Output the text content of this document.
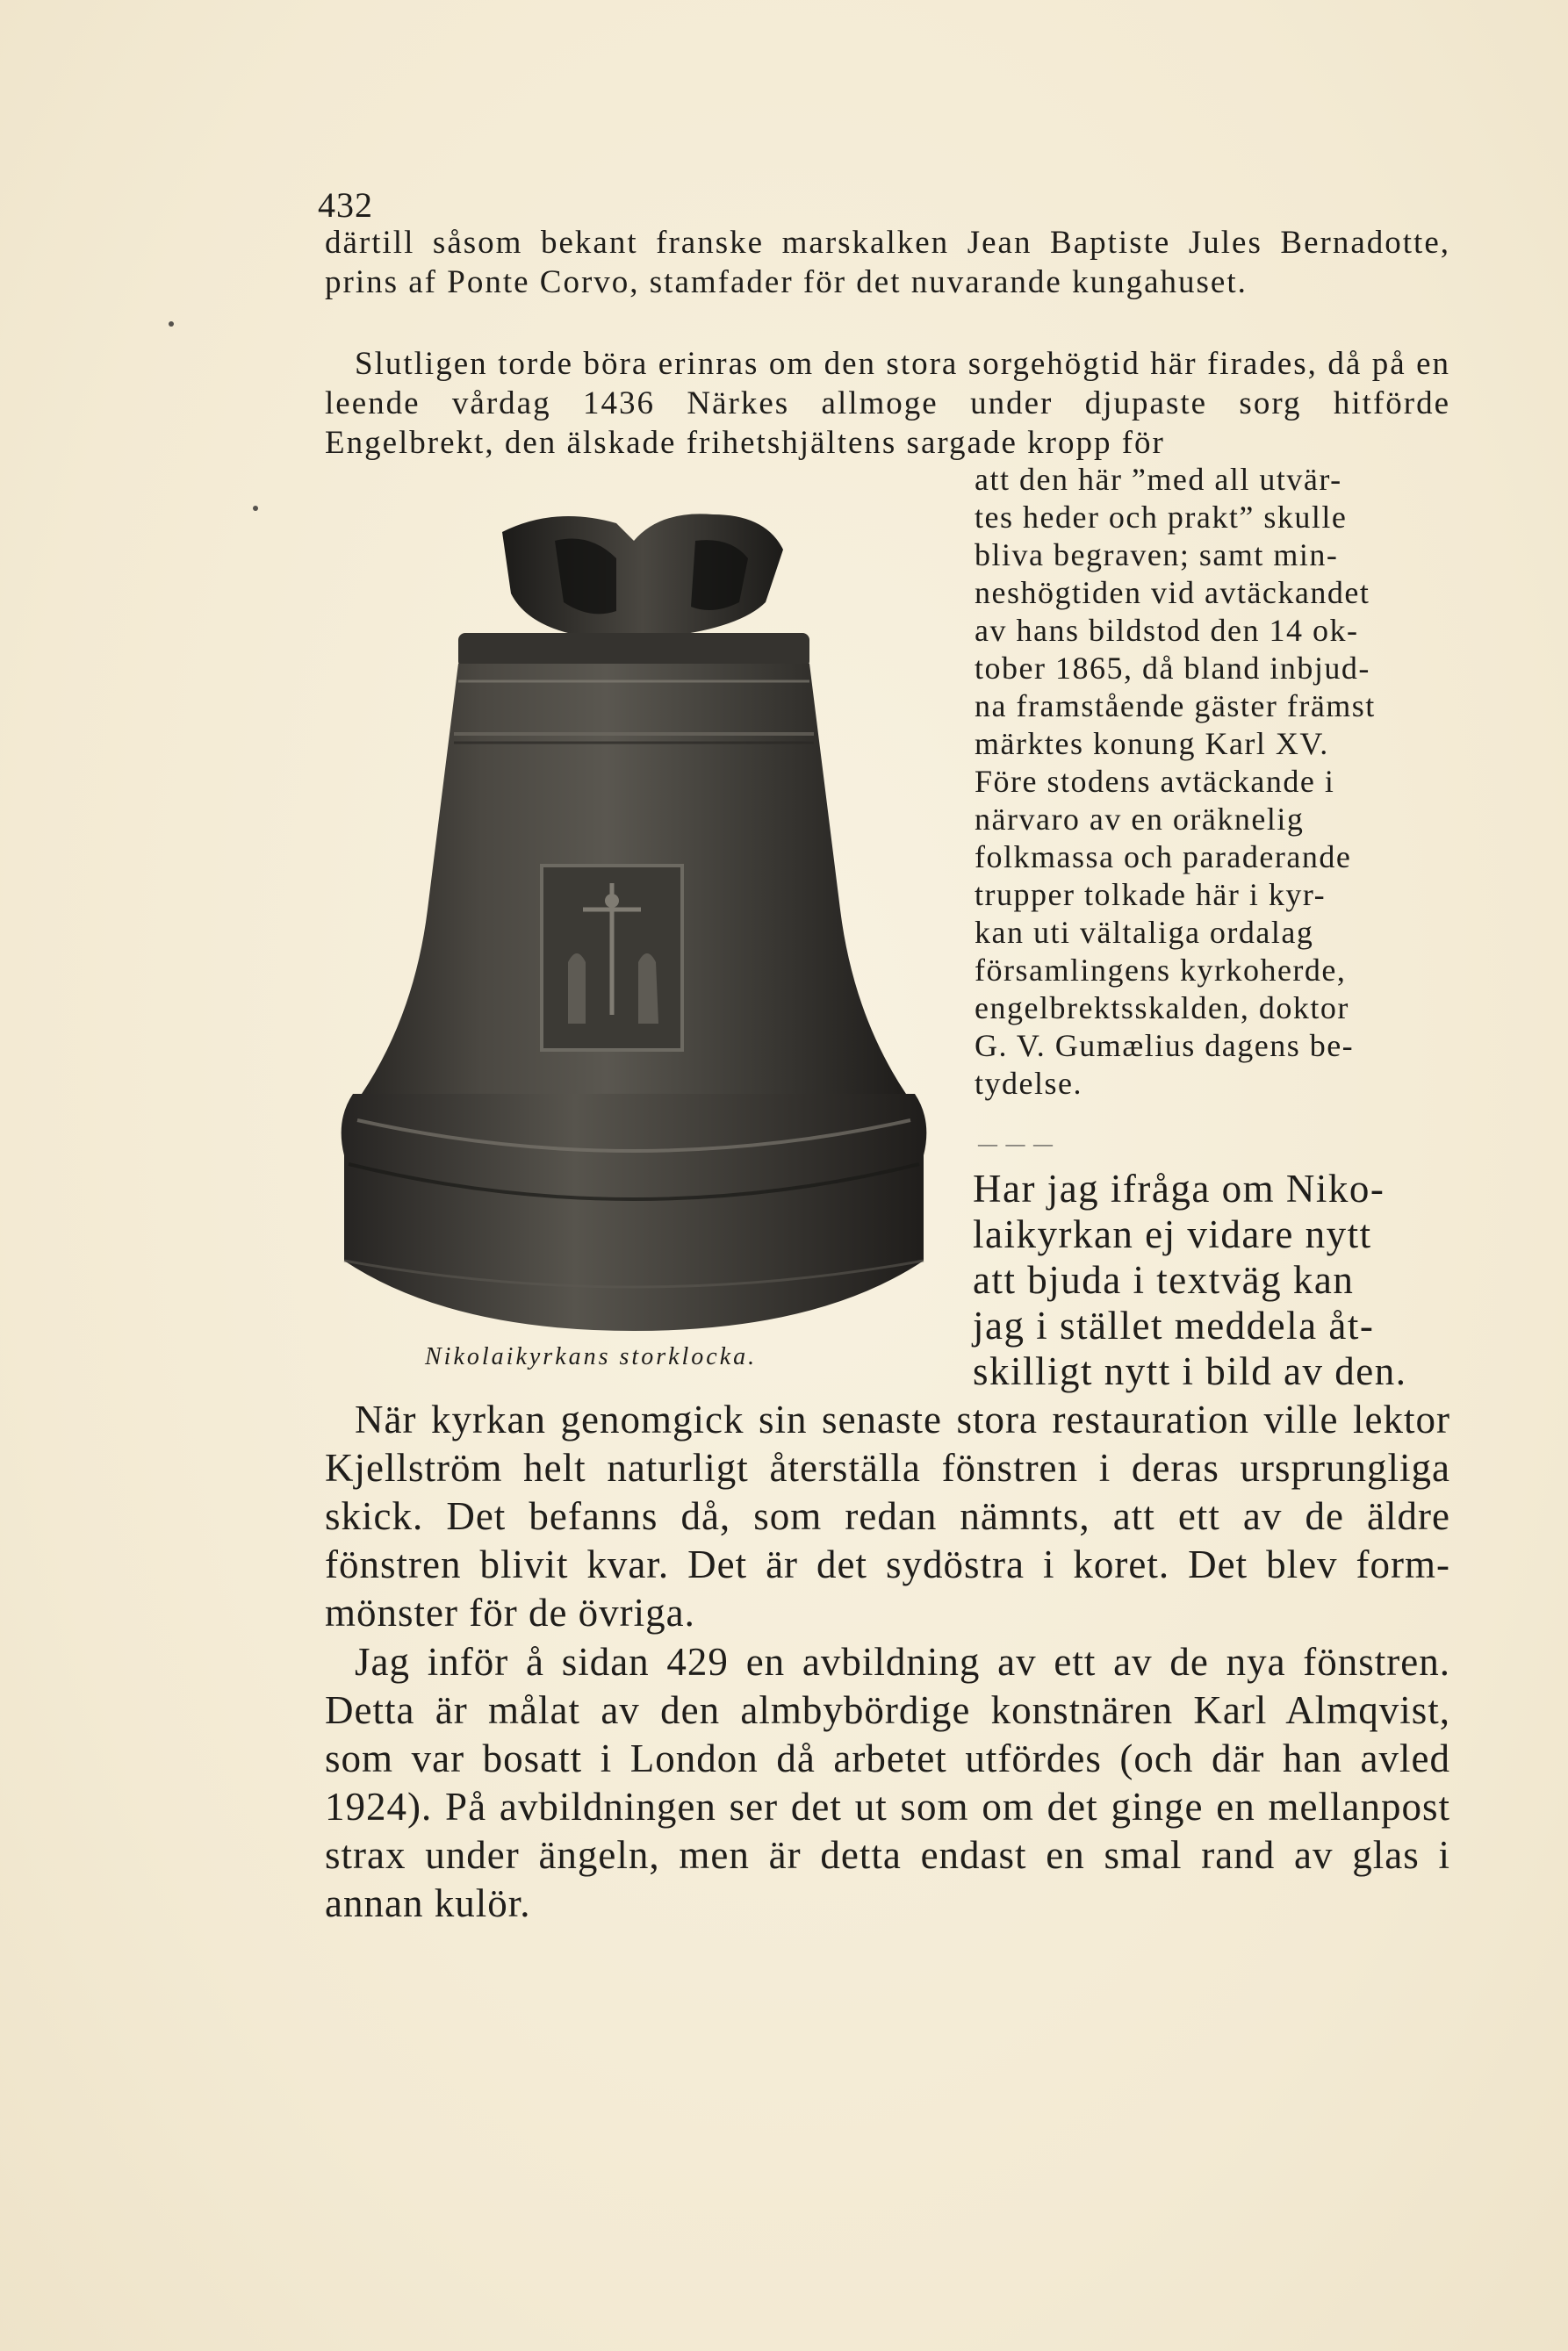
432

därtill såsom bekant franske marskalken Jean Baptiste Jules Bernadotte, prins af Ponte Corvo, stamfader för det nuvarande kungahuset.

Slutligen torde böra erinras om den stora sorgehögtid här firades, då på en leende vårdag 1436 Närkes allmoge under djupaste sorg hitförde Engelbrekt, den älskade frihetshjältens sargade kropp för

att den här ”med all utvär-
tes heder och prakt” skulle
bliva begraven; samt min-
neshögtiden vid avtäckandet
av hans bildstod den 14 ok-
tober 1865, då bland inbjud-
na framstående gäster främst
märktes konung Karl XV.
Före stodens avtäckande i
närvaro av en oräknelig
folkmassa och paraderande
trupper tolkade här i kyr-
kan uti vältaliga ordalag
församlingens kyrkoherde,
engelbrektsskalden, doktor
G. V. Gumælius dagens be-
tydelse.
— — —
Har jag ifråga om Niko-
laikyrkan ej vidare nytt
att bjuda i textväg kan
jag i stället meddela åt-
skilligt nytt i bild av den.
Nikolaikyrkans storklocka.

När kyrkan genomgick sin senaste stora restauration ville lektor Kjellström helt naturligt återställa fönstren i deras ursprungliga skick. Det befanns då, som redan nämnts, att ett av de äldre fönstren blivit kvar. Det är det sydöstra i koret. Det blev form-mönster för de övriga.

Jag inför å sidan 429 en avbildning av ett av de nya fönstren. Detta är målat av den almbybördige konstnären Karl Almqvist, som var bosatt i London då arbetet utfördes (och där han avled 1924). På avbildningen ser det ut som om det ginge en mellanpost strax under ängeln, men är detta endast en smal rand av glas i annan kulör.
